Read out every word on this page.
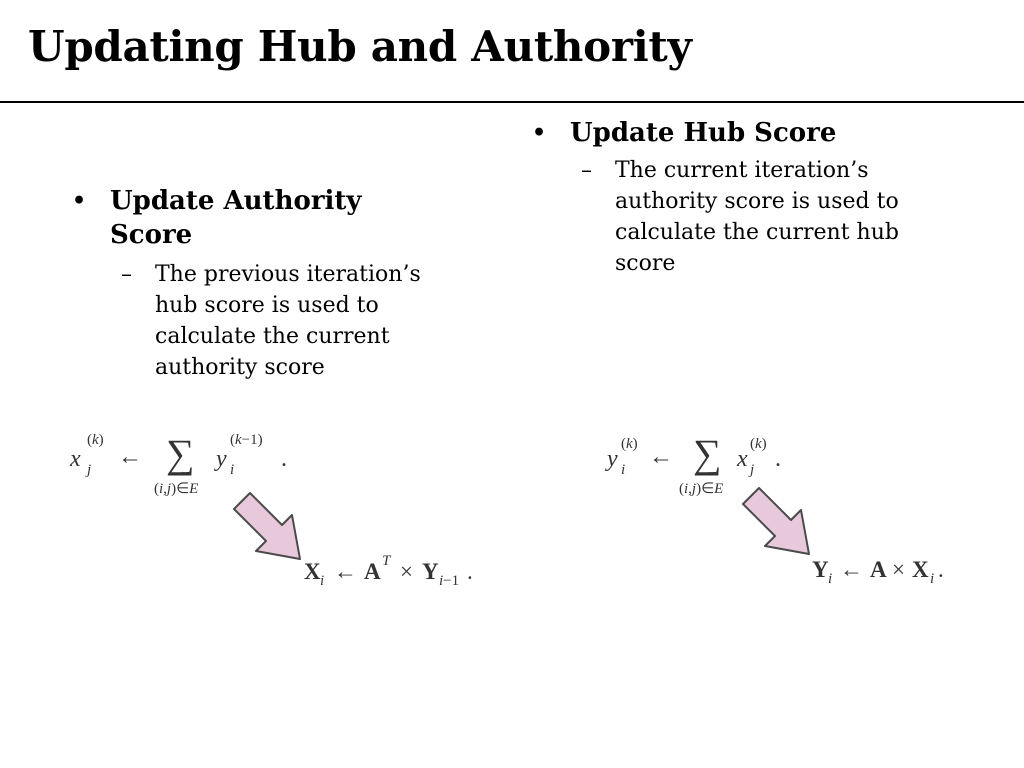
Updating Hub and Authority
• Update Authority Score
– The previous iteration’s hub score is used to calculate the current authority score
x
(k)
j ← ∑
(i,j)∈E
y
(k−1)
i .
X i ← A T × Y i−1 .
• Update Hub Score
– The current iteration’s authority score is used to calculate the current hub score
y
(k)
i ← ∑
(i,j)∈E
x
(k)
j .
Y i ← A × X i .
